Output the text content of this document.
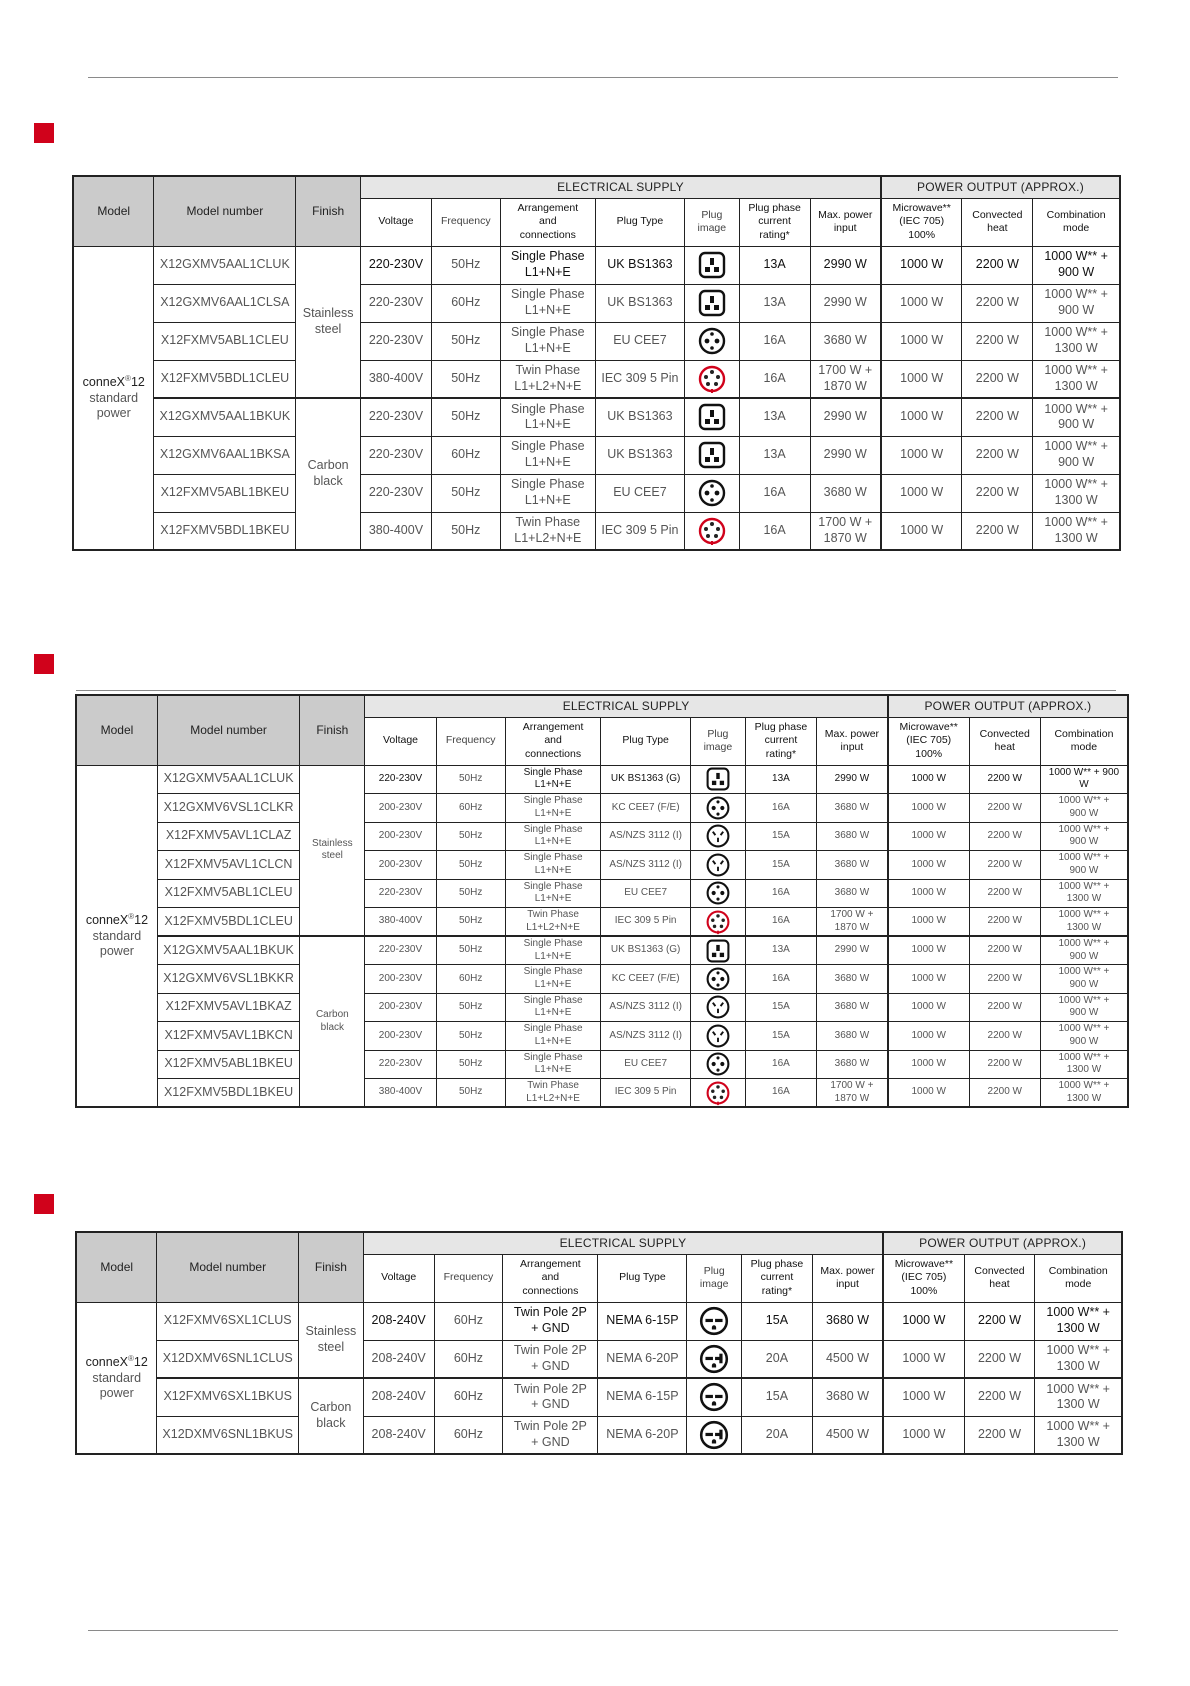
Model	Model number	Finish	ELECTRICAL SUPPLY							POWER OUTPUT (APPROX.)		
			Voltage	Frequency	Arrangement
and
connections	Plug Type	Plug
image	Plug phase
current
rating*	Max. power
input	Microwave**
(IEC 705)
100%	Convected
heat	Combination
mode
conneX®12
standard
power	X12GXMV5AAL1CLUK	Stainless
steel	220-230V	50Hz	Single Phase
L1+N+E	UK BS1363		13A	2990 W	1000 W	2200 W	1000 W** +
900 W
	X12GXMV6AAL1CLSA		220-230V	60Hz	Single Phase
L1+N+E	UK BS1363		13A	2990 W	1000 W	2200 W	1000 W** +
900 W
	X12FXMV5ABL1CLEU		220-230V	50Hz	Single Phase
L1+N+E	EU CEE7		16A	3680 W	1000 W	2200 W	1000 W** +
1300 W
	X12FXMV5BDL1CLEU		380-400V	50Hz	Twin Phase
L1+L2+N+E	IEC 309 5 Pin		16A	1700 W +
1870 W	1000 W	2200 W	1000 W** +
1300 W
	X12GXMV5AAL1BKUK	Carbon
black	220-230V	50Hz	Single Phase
L1+N+E	UK BS1363		13A	2990 W	1000 W	2200 W	1000 W** +
900 W
	X12GXMV6AAL1BKSA		220-230V	60Hz	Single Phase
L1+N+E	UK BS1363		13A	2990 W	1000 W	2200 W	1000 W** +
900 W
	X12FXMV5ABL1BKEU		220-230V	50Hz	Single Phase
L1+N+E	EU CEE7		16A	3680 W	1000 W	2200 W	1000 W** +
1300 W
	X12FXMV5BDL1BKEU		380-400V	50Hz	Twin Phase
L1+L2+N+E	IEC 309 5 Pin		16A	1700 W +
1870 W	1000 W	2200 W	1000 W** +
1300 W
Model	Model number	Finish	ELECTRICAL SUPPLY							POWER OUTPUT (APPROX.)		
			Voltage	Frequency	Arrangement
and
connections	Plug Type	Plug
image	Plug phase
current
rating*	Max. power
input	Microwave**
(IEC 705)
100%	Convected
heat	Combination
mode
conneX®12
standard
power	X12GXMV5AAL1CLUK	Stainless
steel	220-230V	50Hz	Single Phase
L1+N+E	UK BS1363 (G)		13A	2990 W	1000 W	2200 W	1000 W** + 900 W

	X12GXMV6VSL1CLKR		200-230V	60Hz	Single Phase
L1+N+E	KC CEE7 (F/E)		16A	3680 W	1000 W	2200 W	1000 W** +
900 W
	X12FXMV5AVL1CLAZ		200-230V	50Hz	Single Phase
L1+N+E	AS/NZS 3112 (I)		15A	3680 W	1000 W	2200 W	1000 W** +
900 W
	X12FXMV5AVL1CLCN		200-230V	50Hz	Single Phase
L1+N+E	AS/NZS 3112 (I)		15A	3680 W	1000 W	2200 W	1000 W** +
900 W
	X12FXMV5ABL1CLEU		220-230V	50Hz	Single Phase
L1+N+E	EU CEE7		16A	3680 W	1000 W	2200 W	1000 W** +
1300 W
	X12FXMV5BDL1CLEU		380-400V	50Hz	Twin Phase
L1+L2+N+E	IEC 309 5 Pin		16A	1700 W +
1870 W	1000 W	2200 W	1000 W** +
1300 W
	X12GXMV5AAL1BKUK	Carbon
black	220-230V	50Hz	Single Phase
L1+N+E	UK BS1363 (G)		13A	2990 W	1000 W	2200 W	1000 W** +
900 W
	X12GXMV6VSL1BKKR		200-230V	60Hz	Single Phase
L1+N+E	KC CEE7 (F/E)		16A	3680 W	1000 W	2200 W	1000 W** +
900 W
	X12FXMV5AVL1BKAZ		200-230V	50Hz	Single Phase
L1+N+E	AS/NZS 3112 (I)		15A	3680 W	1000 W	2200 W	1000 W** +
900 W
	X12FXMV5AVL1BKCN		200-230V	50Hz	Single Phase
L1+N+E	AS/NZS 3112 (I)		15A	3680 W	1000 W	2200 W	1000 W** +
900 W
	X12FXMV5ABL1BKEU		220-230V	50Hz	Single Phase
L1+N+E	EU CEE7		16A	3680 W	1000 W	2200 W	1000 W** +
1300 W
	X12FXMV5BDL1BKEU		380-400V	50Hz	Twin Phase
L1+L2+N+E	IEC 309 5 Pin		16A	1700 W +
1870 W	1000 W	2200 W	1000 W** +
1300 W
Model	Model number	Finish	ELECTRICAL SUPPLY							POWER OUTPUT (APPROX.)		
			Voltage	Frequency	Arrangement
and
connections	Plug Type	Plug
image	Plug phase
current
rating*	Max. power
input	Microwave**
(IEC 705)
100%	Convected
heat	Combination
mode
conneX®12
standard
power	X12FXMV6SXL1CLUS	Stainless
steel	208-240V	60Hz	Twin Pole 2P
+ GND	NEMA 6-15P		15A	3680 W	1000 W	2200 W	1000 W** +
1300 W
	X12DXMV6SNL1CLUS		208-240V	60Hz	Twin Pole 2P
+ GND	NEMA 6-20P		20A	4500 W	1000 W	2200 W	1000 W** +
1300 W
	X12FXMV6SXL1BKUS	Carbon
black	208-240V	60Hz	Twin Pole 2P
+ GND	NEMA 6-15P		15A	3680 W	1000 W	2200 W	1000 W** +
1300 W
	X12DXMV6SNL1BKUS		208-240V	60Hz	Twin Pole 2P
+ GND	NEMA 6-20P		20A	4500 W	1000 W	2200 W	1000 W** +
1300 W
